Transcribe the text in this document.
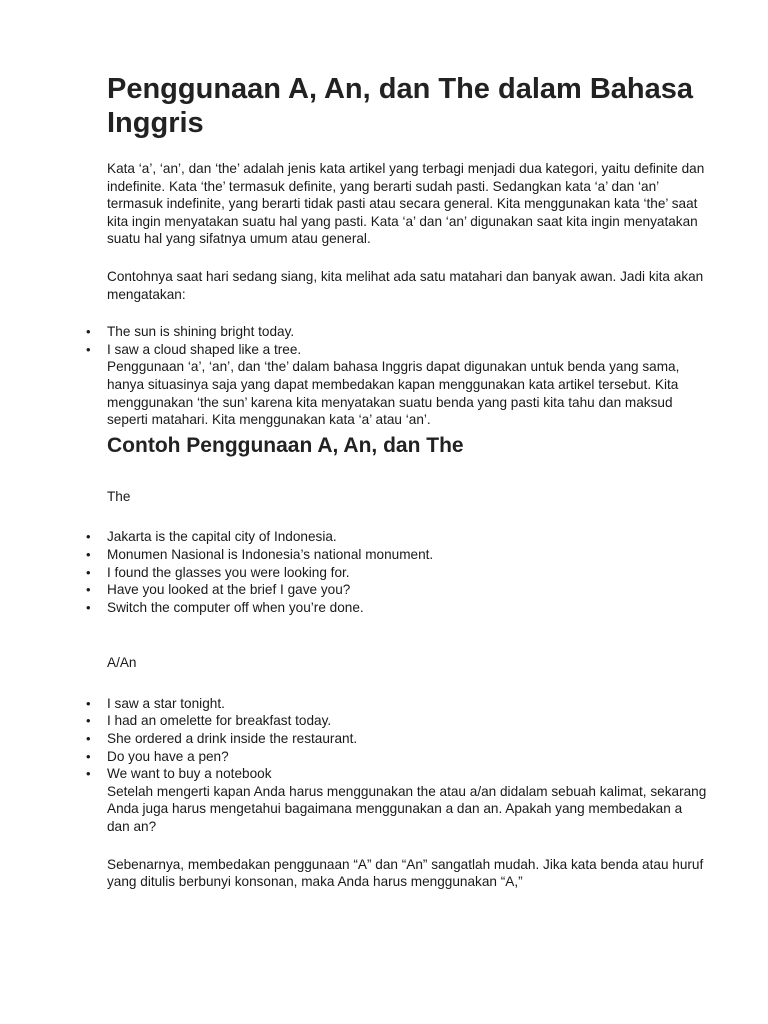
Penggunaan A, An, dan The dalam Bahasa Inggris

Kata ‘a’, ‘an’, dan ‘the’ adalah jenis kata artikel yang terbagi menjadi dua kategori, yaitu definite dan indefinite. Kata ‘the’ termasuk definite, yang berarti sudah pasti. Sedangkan kata ‘a’ dan ‘an’ termasuk indefinite, yang berarti tidak pasti atau secara general. Kita menggunakan kata ‘the’ saat kita ingin menyatakan suatu hal yang pasti. Kata ‘a’ dan ‘an’ digunakan saat kita ingin menyatakan suatu hal yang sifatnya umum atau general.

Contohnya saat hari sedang siang, kita melihat ada satu matahari dan banyak awan. Jadi kita akan mengatakan:

• The sun is shining bright today.
• I saw a cloud shaped like a tree.

Penggunaan ‘a’, ‘an’, dan ‘the’ dalam bahasa Inggris dapat digunakan untuk benda yang sama, hanya situasinya saja yang dapat membedakan kapan menggunakan kata artikel tersebut. Kita menggunakan ‘the sun’ karena kita menyatakan suatu benda yang pasti kita tahu dan maksud seperti matahari. Kita menggunakan kata ‘a’ atau ‘an’.

Contoh Penggunaan A, An, dan The

The

• Jakarta is the capital city of Indonesia.
• Monumen Nasional is Indonesia’s national monument.
• I found the glasses you were looking for.
• Have you looked at the brief I gave you?
• Switch the computer off when you’re done.

A/An

• I saw a star tonight.
• I had an omelette for breakfast today.
• She ordered a drink inside the restaurant.
• Do you have a pen?
• We want to buy a notebook

Setelah mengerti kapan Anda harus menggunakan the atau a/an didalam sebuah kalimat, sekarang Anda juga harus mengetahui bagaimana menggunakan a dan an. Apakah yang membedakan a dan an?

Sebenarnya, membedakan penggunaan “A” dan “An” sangatlah mudah. Jika kata benda atau huruf yang ditulis berbunyi konsonan, maka Anda harus menggunakan “A,”
